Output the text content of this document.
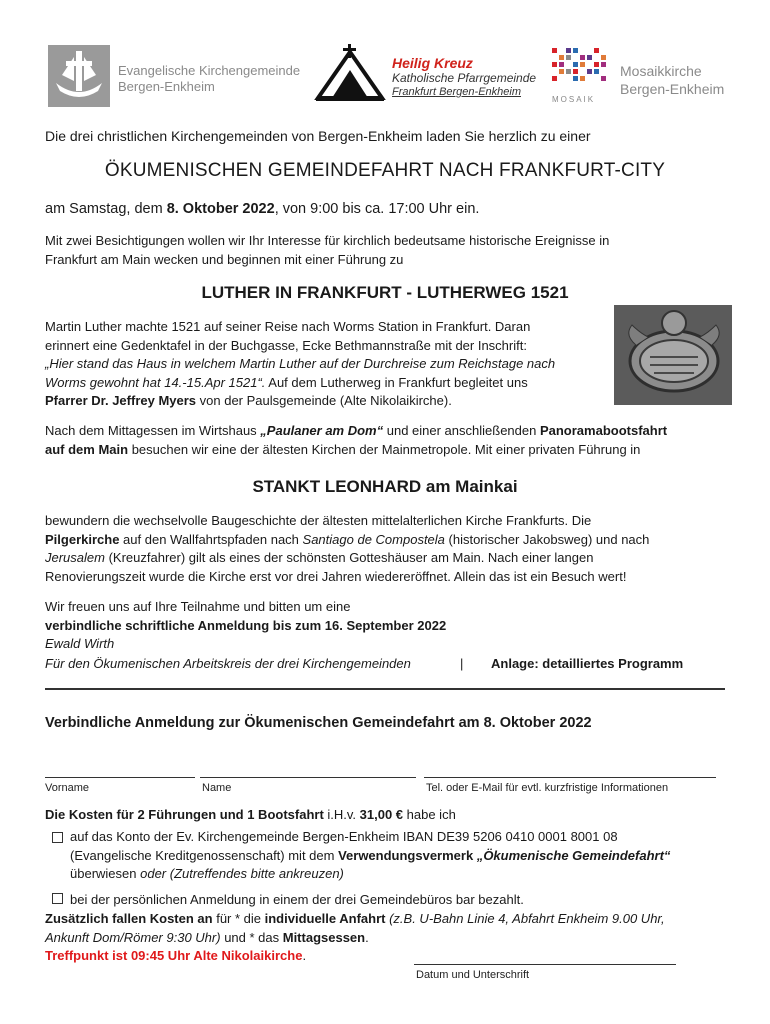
Evangelische Kirchengemeinde
Bergen-Enkheim
Heilig Kreuz
Katholische Pfarrgemeinde
Frankfurt Bergen-Enkheim
MOSAIK
Mosaikkirche
Bergen-Enkheim
Die drei christlichen Kirchengemeinden von Bergen-Enkheim laden Sie herzlich zu einer
ÖKUMENISCHEN GEMEINDEFAHRT NACH FRANKFURT-CITY
am Samstag, dem 8. Oktober 2022, von 9:00 bis ca. 17:00 Uhr ein.
Mit zwei Besichtigungen wollen wir Ihr Interesse für kirchlich bedeutsame historische Ereignisse in
Frankfurt am Main wecken und beginnen mit einer Führung zu
LUTHER IN FRANKFURT - LUTHERWEG 1521
Martin Luther machte 1521 auf seiner Reise nach Worms Station in Frankfurt. Daran
erinnert eine Gedenktafel in der Buchgasse, Ecke Bethmannstraße mit der Inschrift:
„Hier stand das Haus in welchem Martin Luther auf der Durchreise zum Reichstage nach
Worms gewohnt hat 14.-15.Apr 1521“. Auf dem Lutherweg in Frankfurt begleitet uns
Pfarrer Dr. Jeffrey Myers von der Paulsgemeinde (Alte Nikolaikirche).
Nach dem Mittagessen im Wirtshaus „Paulaner am Dom“ und einer anschließenden Panoramabootsfahrt
auf dem Main besuchen wir eine der ältesten Kirchen der Mainmetropole. Mit einer privaten Führung in
STANKT LEONHARD am Mainkai
bewundern die wechselvolle Baugeschichte der ältesten mittelalterlichen Kirche Frankfurts. Die
Pilgerkirche auf den Wallfahrtspfaden nach Santiago de Compostela (historischer Jakobsweg) und nach
Jerusalem (Kreuzfahrer) gilt als eines der schönsten Gotteshäuser am Main. Nach einer langen
Renovierungszeit wurde die Kirche erst vor drei Jahren wiedereröffnet. Allein das ist ein Besuch wert!
Wir freuen uns auf Ihre Teilnahme und bitten um eine
verbindliche schriftliche Anmeldung bis zum 16. September 2022
Ewald Wirth
Für den Ökumenischen Arbeitskreis der drei Kirchengemeinden	| Anlage: detailliertes Programm
Verbindliche Anmeldung zur Ökumenischen Gemeindefahrt am 8. Oktober 2022
Vorname	Name	Tel. oder E-Mail für evtl. kurzfristige Informationen
Die Kosten für 2 Führungen und 1 Bootsfahrt i.H.v. 31,00 € habe ich
auf das Konto der Ev. Kirchengemeinde Bergen-Enkheim IBAN DE39 5206 0410 0001 8001 08
(Evangelische Kreditgenossenschaft) mit dem Verwendungsvermerk „Ökumenische Gemeindefahrt“
überwiesen oder (Zutreffendes bitte ankreuzen)
bei der persönlichen Anmeldung in einem der drei Gemeindebüros bar bezahlt.
Zusätzlich fallen Kosten an für * die individuelle Anfahrt (z.B. U-Bahn Linie 4, Abfahrt Enkheim 9.00 Uhr,
Ankunft Dom/Römer 9:30 Uhr) und * das Mittagsessen.
Treffpunkt ist 09:45 Uhr Alte Nikolaikirche.
Datum und Unterschrift
